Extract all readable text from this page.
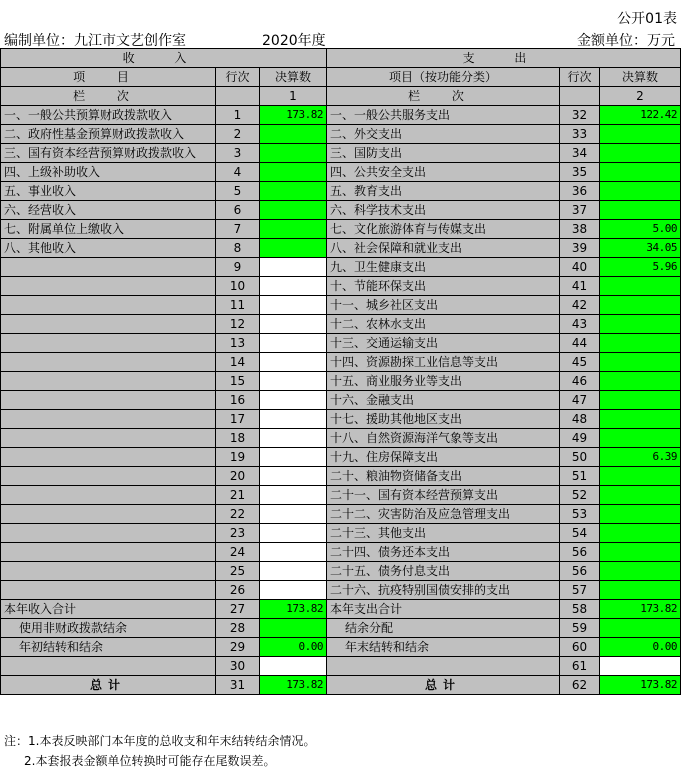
公开01表
编制单位：九江市文艺创作室	2020年度	金额单位：万元
收 入			支 出		
项 目	行次	决算数	项目（按功能分类）	行次	决算数
栏 次		1	栏 次		2
一、一般公共预算财政拨款收入	1	173.82	一、一般公共服务支出	32	122.42
二、政府性基金预算财政拨款收入	2		二、外交支出	33	
三、国有资本经营预算财政拨款收入	3		三、国防支出	34	
四、上级补助收入	4		四、公共安全支出	35	
五、事业收入	5		五、教育支出	36	
六、经营收入	6		六、科学技术支出	37	
七、附属单位上缴收入	7		七、文化旅游体育与传媒支出	38	5.00
八、其他收入	8		八、社会保障和就业支出	39	34.05
	9		九、卫生健康支出	40	5.96
	10		十、节能环保支出	41	
	11		十一、城乡社区支出	42	
	12		十二、农林水支出	43	
	13		十三、交通运输支出	44	
	14		十四、资源勘探工业信息等支出	45	
	15		十五、商业服务业等支出	46	
	16		十六、金融支出	47	
	17		十七、援助其他地区支出	48	
	18		十八、自然资源海洋气象等支出	49	
	19		十九、住房保障支出	50	6.39
	20		二十、粮油物资储备支出	51	
	21		二十一、国有资本经营预算支出	52	
	22		二十二、灾害防治及应急管理支出	53	
	23		二十三、其他支出	54	
	24		二十四、债务还本支出	56	
	25		二十五、债务付息支出	56	
	26		二十六、抗疫特别国债安排的支出	57	
本年收入合计	27	173.82	本年支出合计	58	173.82
使用非财政拨款结余	28		结余分配	59	
年初结转和结余	29	0.00	年末结转和结余	60	0.00
	30			61	
总计	31	173.82	总计	62	173.82
注：1.本表反映部门本年度的总收支和年末结转结余情况。
2.本套报表金额单位转换时可能存在尾数误差。
